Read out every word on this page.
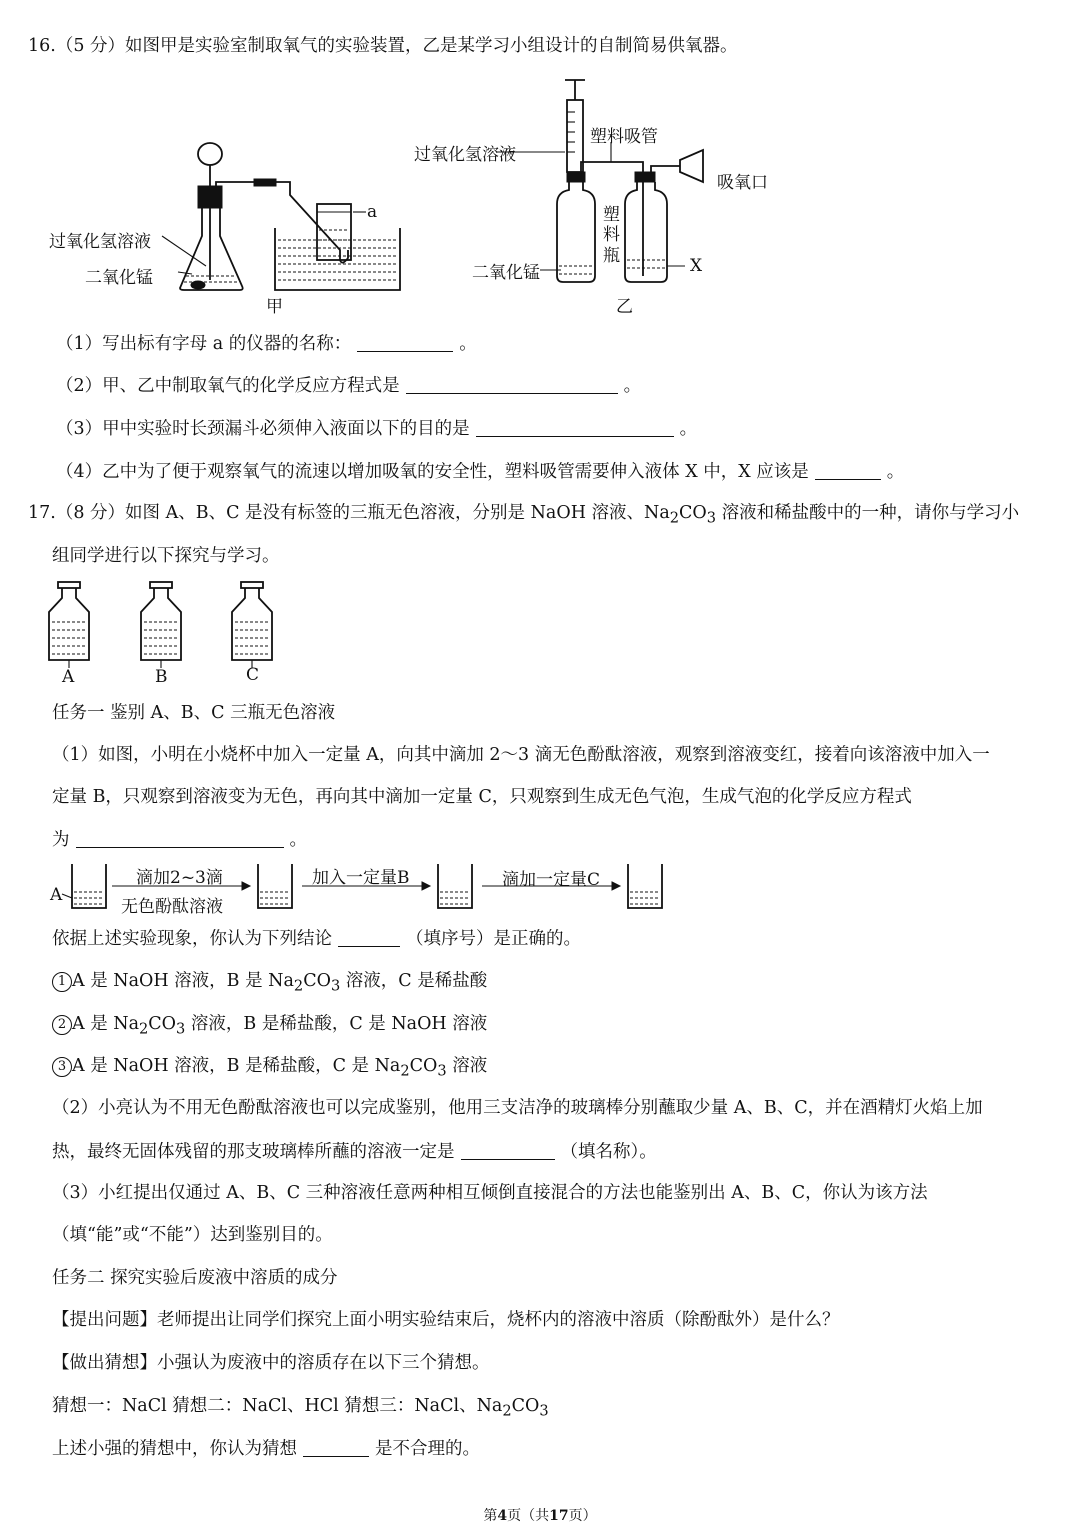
16.（5 分）如图甲是实验室制取氧气的实验装置，乙是某学习小组设计的自制简易供氧器。
过氧化氢溶液
二氧化锰
a
甲
过氧化氢溶液
塑料吸管
吸氧口
塑料瓶
二氧化锰	X
乙
（1）写出标有字母 a 的仪器的名称：	。
（2）甲、乙中制取氧气的化学反应方程式是	。
（3）甲中实验时长颈漏斗必须伸入液面以下的目的是	。
（4）乙中为了便于观察氧气的流速以增加吸氧的安全性，塑料吸管需要伸入液体 X 中，X 应该是	。
17.（8 分）如图 A、B、C 是没有标签的三瓶无色溶液，分别是 NaOH 溶液、$Na_2CO_3$ 溶液和稀盐酸中的一种，请你与学习小
组同学进行以下探究与学习。
A	B	C
任务一 鉴别 A、B、C 三瓶无色溶液
（1）如图，小明在小烧杯中加入一定量 A，向其中滴加 2～3 滴无色酚酞溶液，观察到溶液变红，接着向该溶液中加入一
定量 B，只观察到溶液变为无色，再向其中滴加一定量 C，只观察到生成无色气泡，生成气泡的化学反应方程式
为	。
A
滴加2~3滴
无色酚酞溶液
加入一定量B	滴加一定量C
依据上述实验现象，你认为下列结论	（填序号）是正确的。
1 A 是 NaOH 溶液，B 是 $Na_2CO_3$ 溶液，C 是稀盐酸
2 A 是 $Na_2CO_3$ 溶液，B 是稀盐酸，C 是 NaOH 溶液
3 A 是 NaOH 溶液，B 是稀盐酸，C 是 $Na_2CO_3$ 溶液
（2）小亮认为不用无色酚酞溶液也可以完成鉴别，他用三支洁净的玻璃棒分别蘸取少量 A、B、C，并在酒精灯火焰上加
热，最终无固体残留的那支玻璃棒所蘸的溶液一定是	（填名称）。
（3）小红提出仅通过 A、B、C 三种溶液任意两种相互倾倒直接混合的方法也能鉴别出 A、B、C，你认为该方法
（填“能”或“不能”）达到鉴别目的。
任务二 探究实验后废液中溶质的成分
【提出问题】老师提出让同学们探究上面小明实验结束后，烧杯内的溶液中溶质（除酚酞外）是什么？
【做出猜想】小强认为废液中的溶质存在以下三个猜想。
猜想一：NaCl 猜想二：NaCl、HCl 猜想三：NaCl、$Na_2CO_3$
上述小强的猜想中，你认为猜想	是不合理的。
第4页（共17页）
